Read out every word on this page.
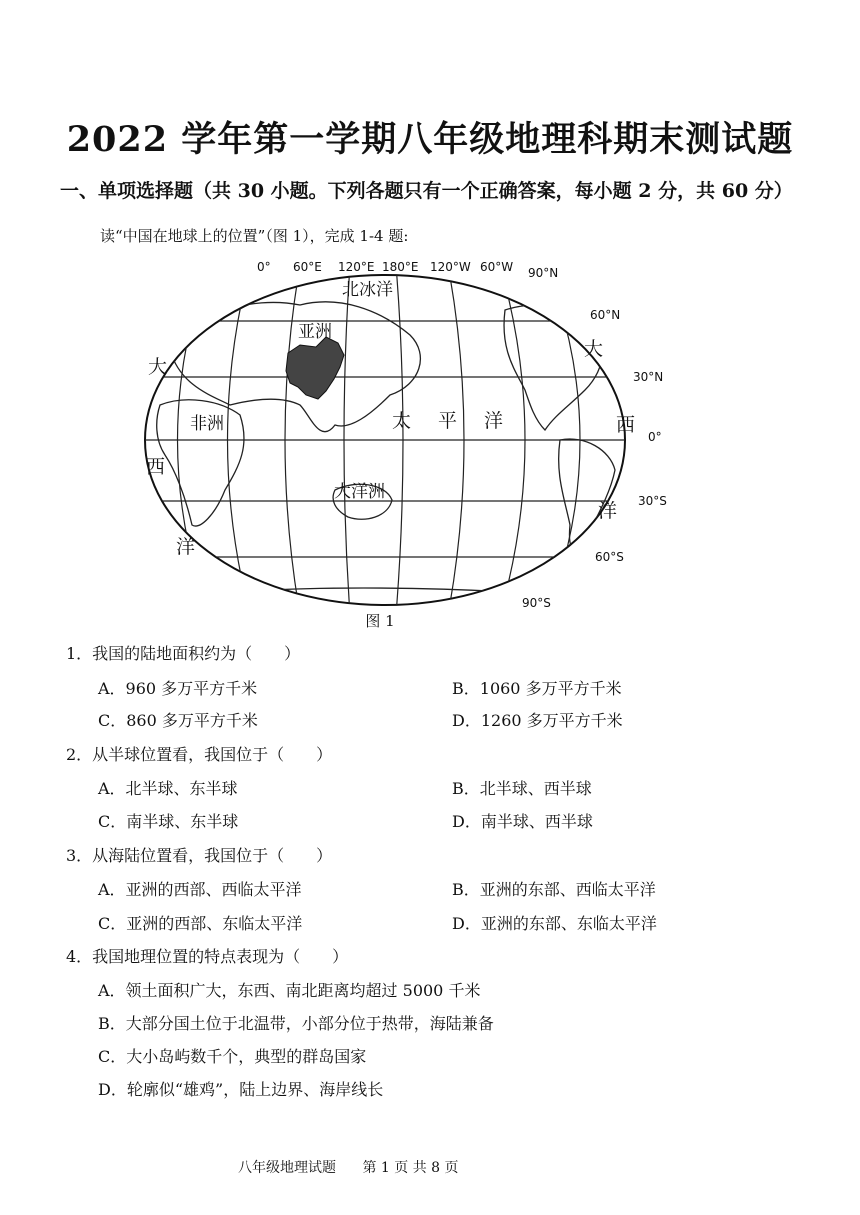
2022 学年第一学期八年级地理科期末测试题
一、单项选择题（共 30 小题。下列各题只有一个正确答案，每小题 2 分，共 60 分）
读“中国在地球上的位置”（图 1），完成 1-4 题:
0° 60°E 120°E 180°E 120°W 60°W 90°N
60°N
30°N
0°
30°S
60°S
90°S
北冰洋
亚洲
非洲
大洋洲
太 平 洋
大
西
洋
大
西
洋
图 1
1．我国的陆地面积约为（　　）
A．960 多万平方千米	B．1060 多万平方千米
C．860 多万平方千米	D．1260 多万平方千米
2．从半球位置看，我国位于（　　）
A．北半球、东半球	B．北半球、西半球
C．南半球、东半球	D．南半球、西半球
3．从海陆位置看，我国位于（　　）
A．亚洲的西部、西临太平洋	B．亚洲的东部、西临太平洋
C．亚洲的西部、东临太平洋	D．亚洲的东部、东临太平洋
4．我国地理位置的特点表现为（　　）
A．领土面积广大，东西、南北距离均超过 5000 千米
B．大部分国土位于北温带，小部分位于热带，海陆兼备
C．大小岛屿数千个，典型的群岛国家
D．轮廓似“雄鸡”，陆上边界、海岸线长
八年级地理试题 第 1 页 共 8 页
